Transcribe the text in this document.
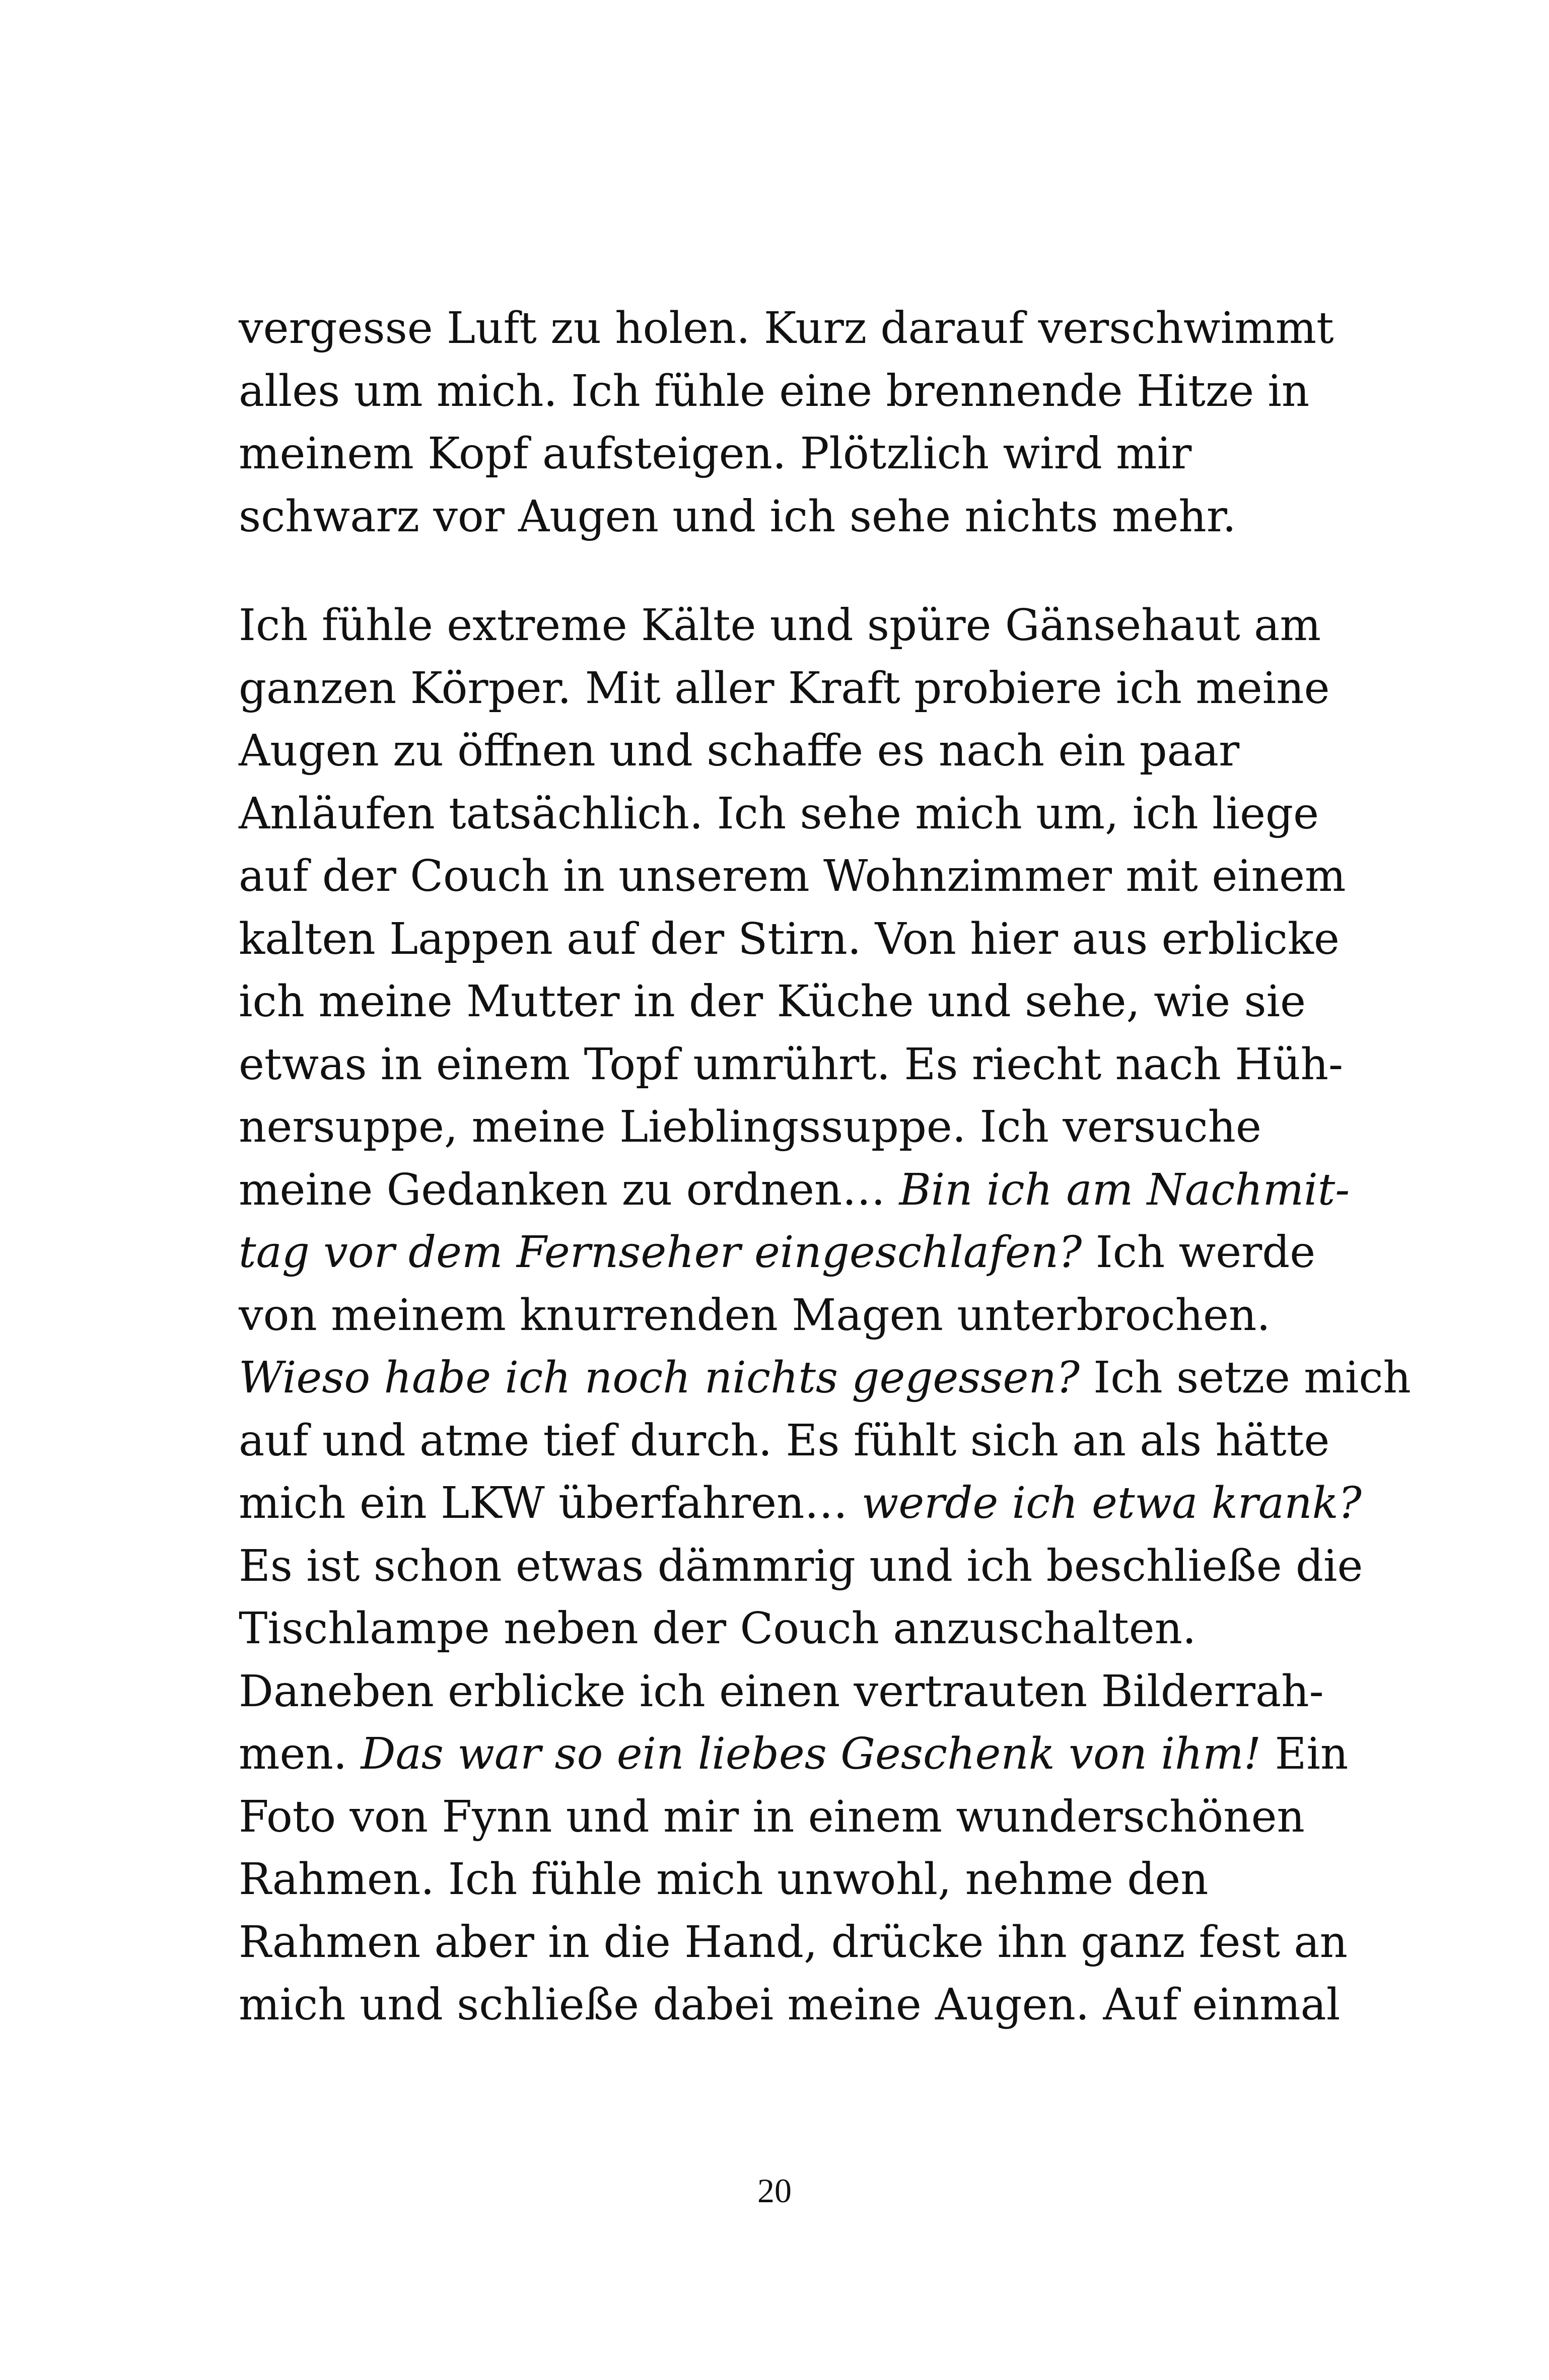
vergesse Luft zu holen. Kurz darauf verschwimmt
alles um mich. Ich fühle eine brennende Hitze in
meinem Kopf aufsteigen. Plötzlich wird mir
schwarz vor Augen und ich sehe nichts mehr.
Ich fühle extreme Kälte und spüre Gänsehaut am
ganzen Körper. Mit aller Kraft probiere ich meine
Augen zu öffnen und schaffe es nach ein paar
Anläufen tatsächlich. Ich sehe mich um, ich liege
auf der Couch in unserem Wohnzimmer mit einem
kalten Lappen auf der Stirn. Von hier aus erblicke
ich meine Mutter in der Küche und sehe, wie sie
etwas in einem Topf umrührt. Es riecht nach Hüh-
nersuppe, meine Lieblingssuppe. Ich versuche
meine Gedanken zu ordnen… Bin ich am Nachmit-
tag vor dem Fernseher eingeschlafen? Ich werde
von meinem knurrenden Magen unterbrochen.
Wieso habe ich noch nichts gegessen? Ich setze mich
auf und atme tief durch. Es fühlt sich an als hätte
mich ein LKW überfahren… werde ich etwa krank?
Es ist schon etwas dämmrig und ich beschließe die
Tischlampe neben der Couch anzuschalten.
Daneben erblicke ich einen vertrauten Bilderrah-
men. Das war so ein liebes Geschenk von ihm! Ein
Foto von Fynn und mir in einem wunderschönen
Rahmen. Ich fühle mich unwohl, nehme den
Rahmen aber in die Hand, drücke ihn ganz fest an
mich und schließe dabei meine Augen. Auf einmal
20
